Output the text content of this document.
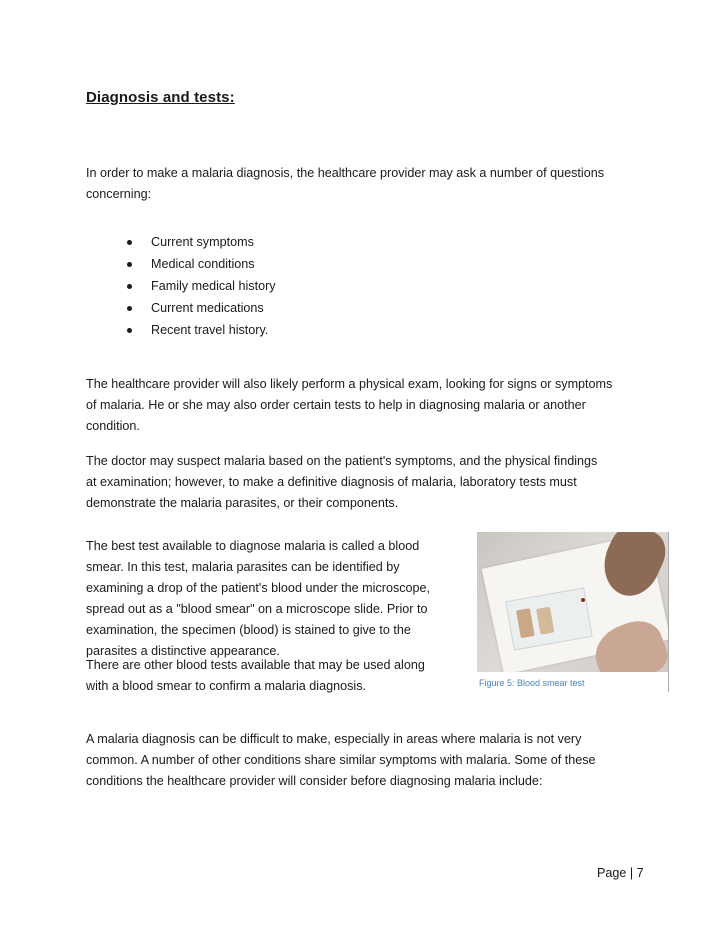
Diagnosis and tests:
In order to make a malaria diagnosis, the healthcare provider may ask a number of questions
concerning:
Current symptoms
Medical conditions
Family medical history
Current medications
Recent travel history.
The healthcare provider will also likely perform a physical exam, looking for signs or symptoms
of malaria. He or she may also order certain tests to help in diagnosing malaria or another
condition.
The doctor may suspect malaria based on the patient's symptoms, and the physical findings
at examination; however, to make a definitive diagnosis of malaria, laboratory tests must
demonstrate the malaria parasites, or their components.
The best test available to diagnose malaria is called a blood
smear. In this test, malaria parasites can be identified by
examining a drop of the patient's blood under the microscope,
spread out as a "blood smear" on a microscope slide. Prior to
examination, the specimen (blood) is stained to give to the
parasites a distinctive appearance.
There are other blood tests available that may be used along
with a blood smear to confirm a malaria diagnosis.	Figure 5: Blood smear test
A malaria diagnosis can be difficult to make, especially in areas where malaria is not very
common. A number of other conditions share similar symptoms with malaria. Some of these
conditions the healthcare provider will consider before diagnosing malaria include:
Page | 7
